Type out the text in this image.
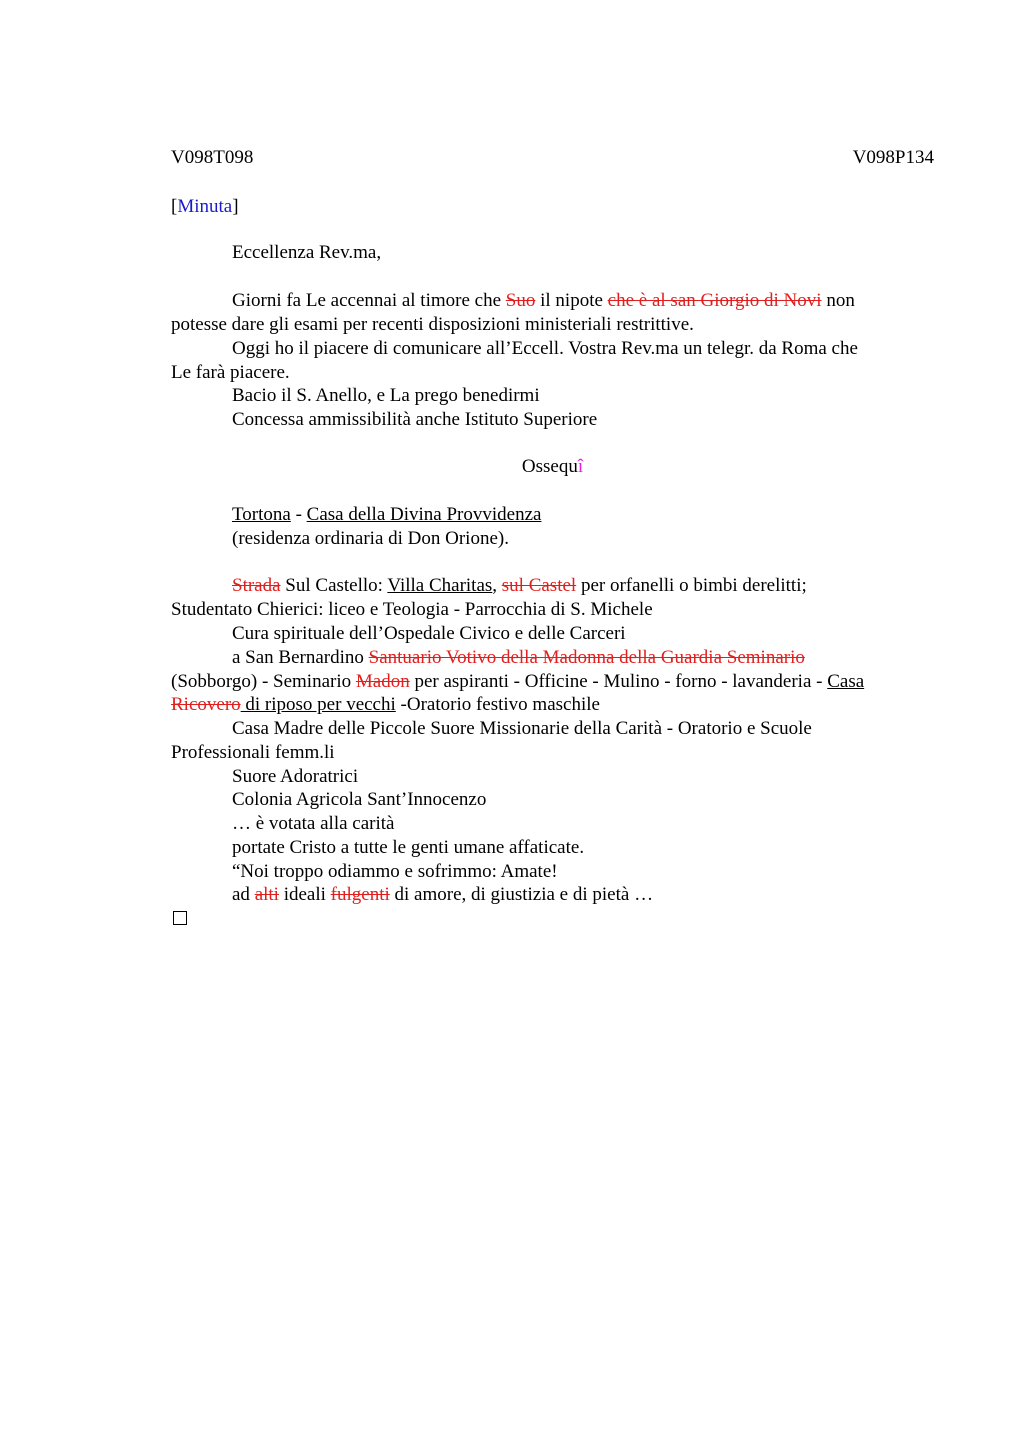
V098T098	V098P134
[Minuta]
Eccellenza Rev.ma,
Giorni fa Le accennai al timore che Suo il nipote che è al san Giorgio di Novi non
potesse dare gli esami per recenti disposizioni ministeriali restrittive.
Oggi ho il piacere di comunicare all’Eccell. Vostra Rev.ma un telegr. da Roma che
Le farà piacere.
Bacio il S. Anello, e La prego benedirmi
Concessa ammissibilità anche Istituto Superiore
Ossequî
Tortona - Casa della Divina Provvidenza
(residenza ordinaria di Don Orione).
Strada Sul Castello: Villa Charitas, sul Castel per orfanelli o bimbi derelitti;
Studentato Chierici: liceo e Teologia - Parrocchia di S. Michele
Cura spirituale dell’Ospedale Civico e delle Carceri
a San Bernardino Santuario Votivo della Madonna della Guardia Seminario
(Sobborgo) - Seminario Madon per aspiranti - Officine - Mulino - forno - lavanderia - Casa
Ricovero di riposo per vecchi -Oratorio festivo maschile
Casa Madre delle Piccole Suore Missionarie della Carità - Oratorio e Scuole
Professionali femm.li
Suore Adoratrici
Colonia Agricola Sant’Innocenzo
… è votata alla carità
portate Cristo a tutte le genti umane affaticate.
“Noi troppo odiammo e sofrimmo: Amate!
ad alti ideali fulgenti di amore, di giustizia e di pietà …
